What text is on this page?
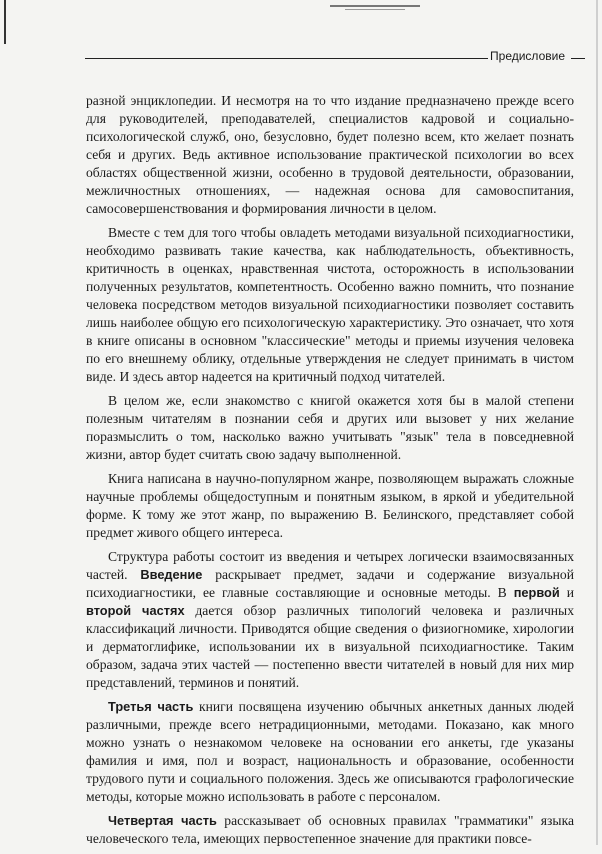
Предисловие

разной энциклопедии. И несмотря на то что издание предназначено прежде всего для руководителей, преподавателей, специалистов кадровой и социально-психологической служб, оно, безусловно, будет полезно всем, кто желает познать себя и других. Ведь активное использование практической психологии во всех областях общественной жизни, особенно в трудовой деятельности, образовании, межличностных отношениях, — надежная основа для самовоспитания, самосовершенствования и формирования личности в целом.

Вместе с тем для того чтобы овладеть методами визуальной психодиагностики, необходимо развивать такие качества, как наблюдательность, объективность, критичность в оценках, нравственная чистота, осторожность в использовании полученных результатов, компетентность. Особенно важно помнить, что познание человека посредством методов визуальной психодиагностики позволяет составить лишь наиболее общую его психологическую характеристику. Это означает, что хотя в книге описаны в основном "классические" методы и приемы изучения человека по его внешнему облику, отдельные утверждения не следует принимать в чистом виде. И здесь автор надеется на критичный подход читателей.

В целом же, если знакомство с книгой окажется хотя бы в малой степени полезным читателям в познании себя и других или вызовет у них желание поразмыслить о том, насколько важно учитывать "язык" тела в повседневной жизни, автор будет считать свою задачу выполненной.

Книга написана в научно-популярном жанре, позволяющем выражать сложные научные проблемы общедоступным и понятным языком, в яркой и убедительной форме. К тому же этот жанр, по выражению В. Белинского, представляет собой предмет живого общего интереса.

Структура работы состоит из введения и четырех логически взаимосвязанных частей. Введение раскрывает предмет, задачи и содержание визуальной психодиагностики, ее главные составляющие и основные методы. В первой и второй частях дается обзор различных типологий человека и различных классификаций личности. Приводятся общие сведения о физиогномике, хирологии и дерматоглифике, использовании их в визуальной психодиагностике. Таким образом, задача этих частей — постепенно ввести читателей в новый для них мир представлений, терминов и понятий.

Третья часть книги посвящена изучению обычных анкетных данных людей различными, прежде всего нетрадиционными, методами. Показано, как много можно узнать о незнакомом человеке на основании его анкеты, где указаны фамилия и имя, пол и возраст, национальность и образование, особенности трудового пути и социального положения. Здесь же описываются графологические методы, которые можно использовать в работе с персоналом.

Четвертая часть рассказывает об основных правилах "грамматики" языка человеческого тела, имеющих первостепенное значение для практики повсе-
